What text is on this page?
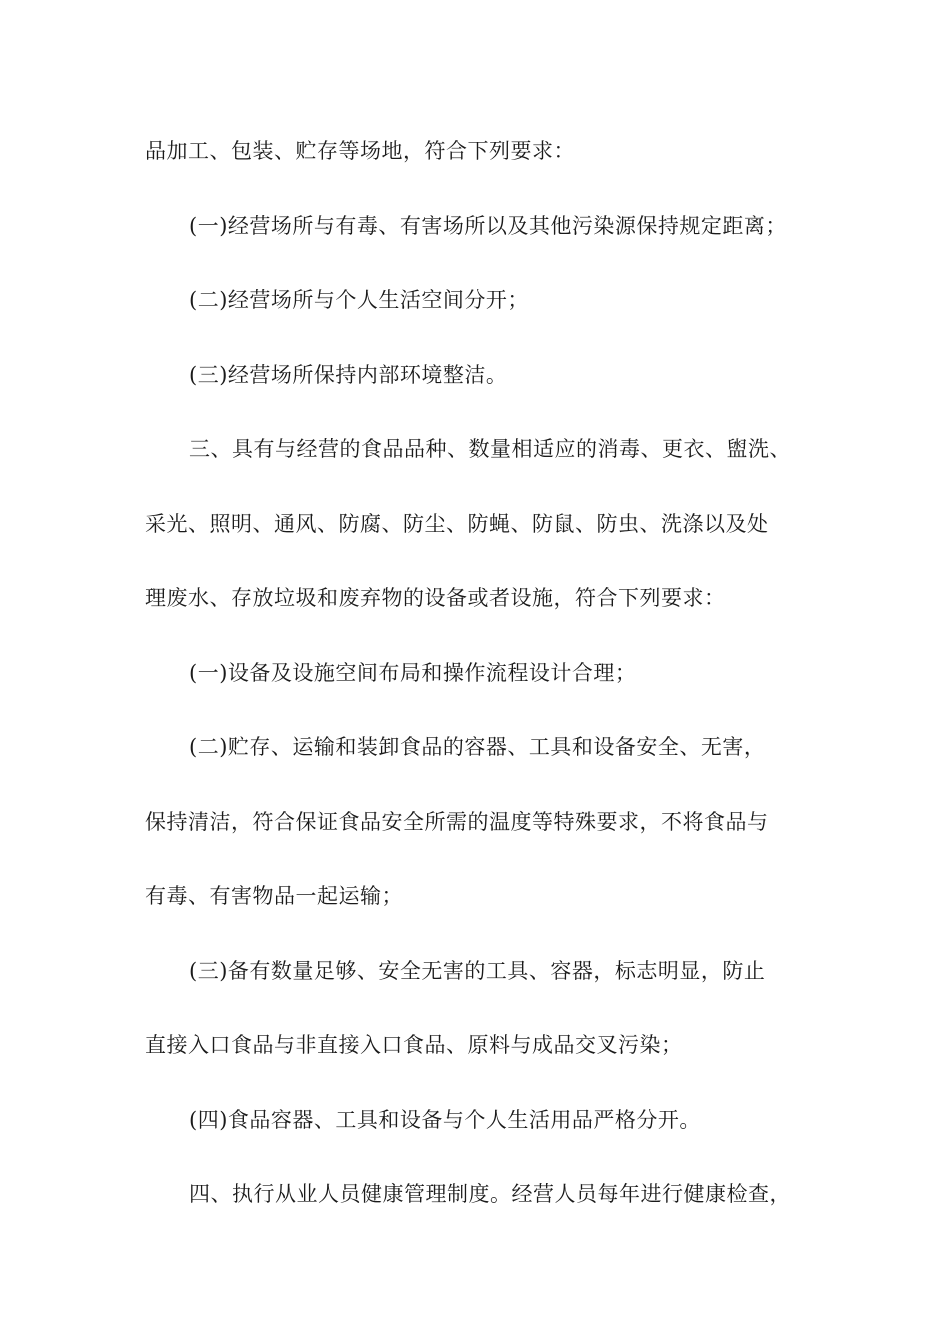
品加工、包装、贮存等场地，符合下列要求：
(一)经营场所与有毒、有害场所以及其他污染源保持规定距离；
(二)经营场所与个人生活空间分开；
(三)经营场所保持内部环境整洁。
三、具有与经营的食品品种、数量相适应的消毒、更衣、盥洗、
采光、照明、通风、防腐、防尘、防蝇、防鼠、防虫、洗涤以及处
理废水、存放垃圾和废弃物的设备或者设施，符合下列要求：
(一)设备及设施空间布局和操作流程设计合理；
(二)贮存、运输和装卸食品的容器、工具和设备安全、无害，
保持清洁，符合保证食品安全所需的温度等特殊要求，不将食品与
有毒、有害物品一起运输；
(三)备有数量足够、安全无害的工具、容器，标志明显，防止
直接入口食品与非直接入口食品、原料与成品交叉污染；
(四)食品容器、工具和设备与个人生活用品严格分开。
四、执行从业人员健康管理制度。经营人员每年进行健康检查，
